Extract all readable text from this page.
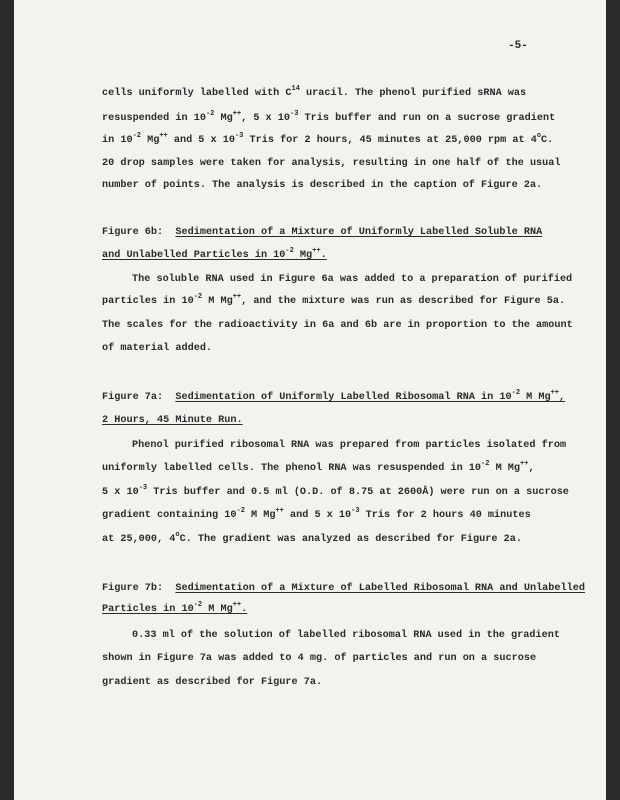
-5-
cells uniformly labelled with $C^{14}$ uracil. The phenol purified sRNA was
resuspended in $10^{-2}$ Mg++, 5 x $10^{-3}$ Tris buffer and run on a sucrose gradient
in $10^{-2}$ Mg++ and 5 x $10^{-3}$ Tris for 2 hours, 45 minutes at 25,000 rpm at 4$^o$C.
20 drop samples were taken for analysis, resulting in one half of the usual
number of points. The analysis is described in the caption of Figure 2a.
Figure 6b: Sedimentation of a Mixture of Uniformly Labelled Soluble RNA
and Unlabelled Particles in $10^{-2}$ Mg++.
The soluble RNA used in Figure 6a was added to a preparation of purified
particles in $10^{-2}$ M Mg++, and the mixture was run as described for Figure 5a.
The scales for the radioactivity in 6a and 6b are in proportion to the amount
of material added.
Figure 7a: Sedimentation of Uniformly Labelled Ribosomal RNA in $10^{-2}$ M Mg++,
2 Hours, 45 Minute Run.
Phenol purified ribosomal RNA was prepared from particles isolated from
uniformly labelled cells. The phenol RNA was resuspended in $10^{-2}$ M Mg++,
5 x $10^{-3}$ Tris buffer and 0.5 ml (O.D. of 8.75 at 2600Å) were run on a sucrose
gradient containing $10^{-2}$ M Mg++ and 5 x $10^{-3}$ Tris for 2 hours 40 minutes
at 25,000, 4$^o$C. The gradient was analyzed as described for Figure 2a.
Figure 7b: Sedimentation of a Mixture of Labelled Ribosomal RNA and Unlabelled
Particles in $10^{-2}$ M Mg++.
0.33 ml of the solution of labelled ribosomal RNA used in the gradient
shown in Figure 7a was added to 4 mg. of particles and run on a sucrose
gradient as described for Figure 7a.
